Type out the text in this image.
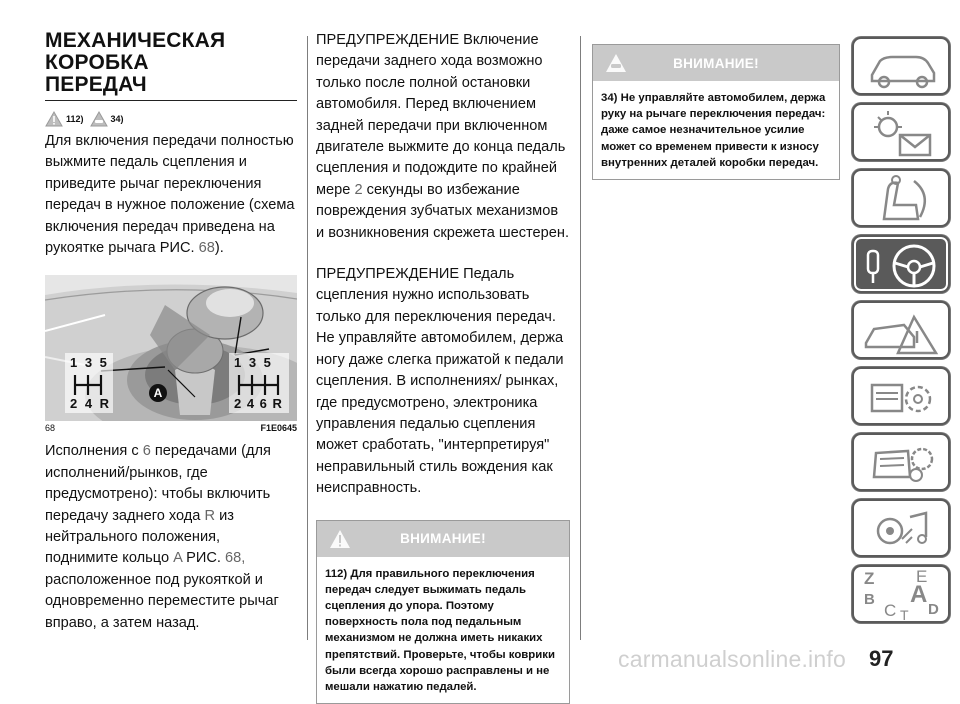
МЕХАНИЧЕСКАЯ КОРОБКА
ПЕРЕДАЧ
112)	34)

Для включения передачи полностью выжмите педаль сцепления и приведите рычаг переключения передач в нужное положение (схема включения передач приведена на рукоятке рычага РИС. 68).

1 3 5
2 4 R
1 3 5
2 4 6 R
A
68	F1E0645

Исполнения с 6 передачами (для исполнений/рынков, где предусмотрено): чтобы включить передачу заднего хода R из нейтрального положения, поднимите кольцо A РИС. 68, расположенное под рукояткой и одновременно переместите рычаг вправо, а затем назад.

ПРЕДУПРЕЖДЕНИЕ Включение передачи заднего хода возможно только после полной остановки автомобиля. Перед включением задней передачи при включенном двигателе выжмите до конца педаль сцепления и подождите по крайней мере 2 секунды во избежание повреждения зубчатых механизмов и возникновения скрежета шестерен.

ПРЕДУПРЕЖДЕНИЕ Педаль сцепления нужно использовать только для переключения передач. Не управляйте автомобилем, держа ногу даже слегка прижатой к педали сцепления. В исполнениях/ рынках, где предусмотрено, электроника управления педалью сцепления может сработать, "интерпретируя" неправильный стиль вождения как неисправность.

ВНИМАНИЕ!
112) Для правильного переключения передач следует выжимать педаль сцепления до упора. Поэтому поверхность пола под педальным механизмом не должна иметь никаких препятствий. Проверьте, чтобы коврики были всегда хорошо расправлены и не мешали нажатию педалей.
ВНИМАНИЕ!
34) Не управляйте автомобилем, держа руку на рычаге переключения передач: даже самое незначительное усилие может со временем привести к износу внутренних деталей коробки передач.
Z E
B A
C T D
carmanualsonline.info 97
